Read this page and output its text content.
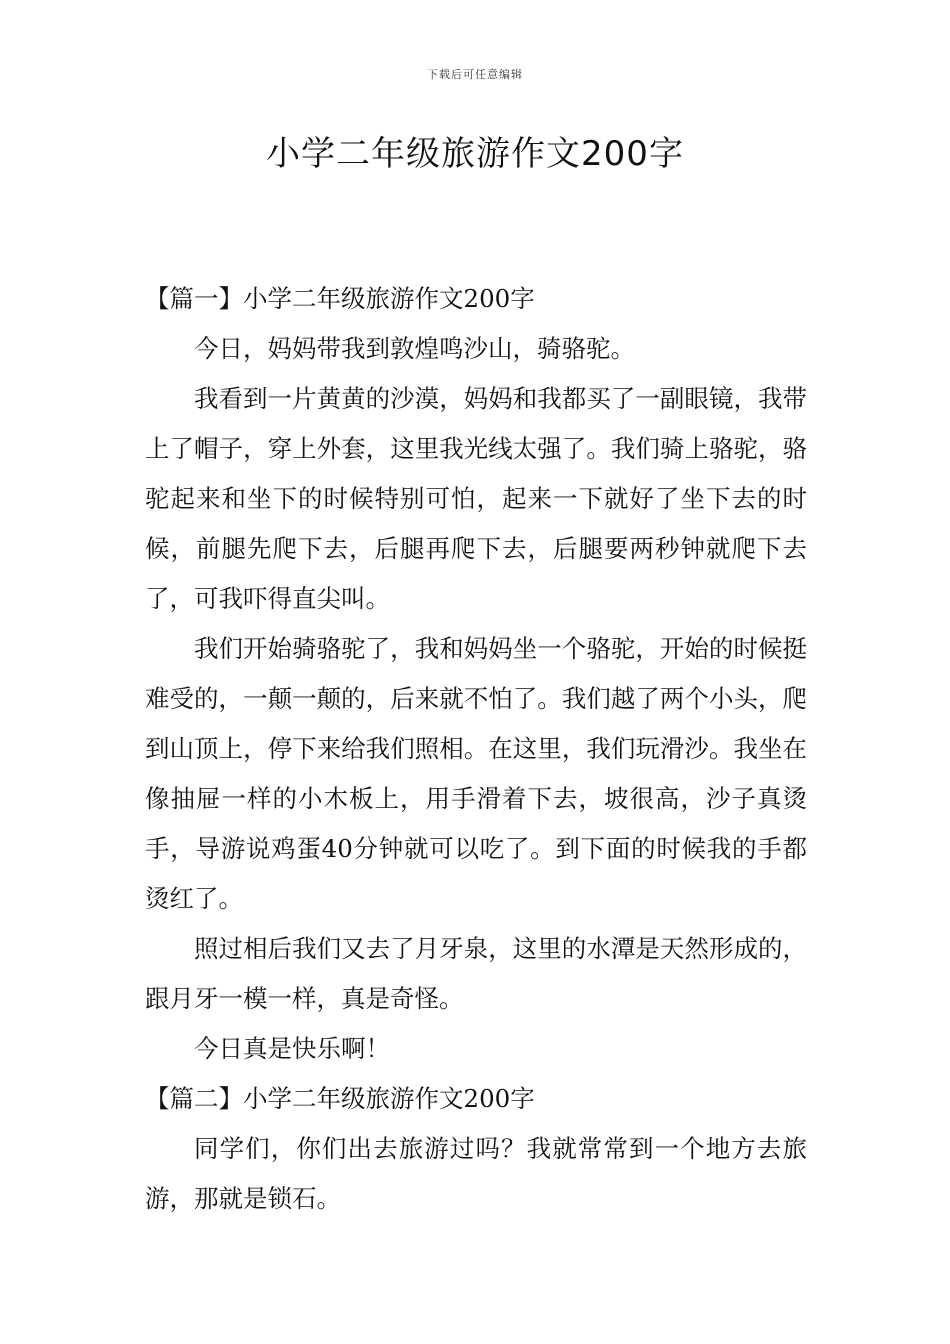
下载后可任意编辑
小学二年级旅游作文200字
【篇一】小学二年级旅游作文200字

今日，妈妈带我到敦煌鸣沙山，骑骆驼。

我看到一片黄黄的沙漠，妈妈和我都买了一副眼镜，我带上了帽子，穿上外套，这里我光线太强了。我们骑上骆驼，骆驼起来和坐下的时候特别可怕，起来一下就好了坐下去的时候，前腿先爬下去，后腿再爬下去，后腿要两秒钟就爬下去了，可我吓得直尖叫。

我们开始骑骆驼了，我和妈妈坐一个骆驼，开始的时候挺难受的，一颠一颠的，后来就不怕了。我们越了两个小头，爬到山顶上，停下来给我们照相。在这里，我们玩滑沙。我坐在像抽屉一样的小木板上，用手滑着下去，坡很高，沙子真烫手，导游说鸡蛋40分钟就可以吃了。到下面的时候我的手都烫红了。

照过相后我们又去了月牙泉，这里的水潭是天然形成的，跟月牙一模一样，真是奇怪。

今日真是快乐啊！

【篇二】小学二年级旅游作文200字

同学们，你们出去旅游过吗？我就常常到一个地方去旅游，那就是锁石。
